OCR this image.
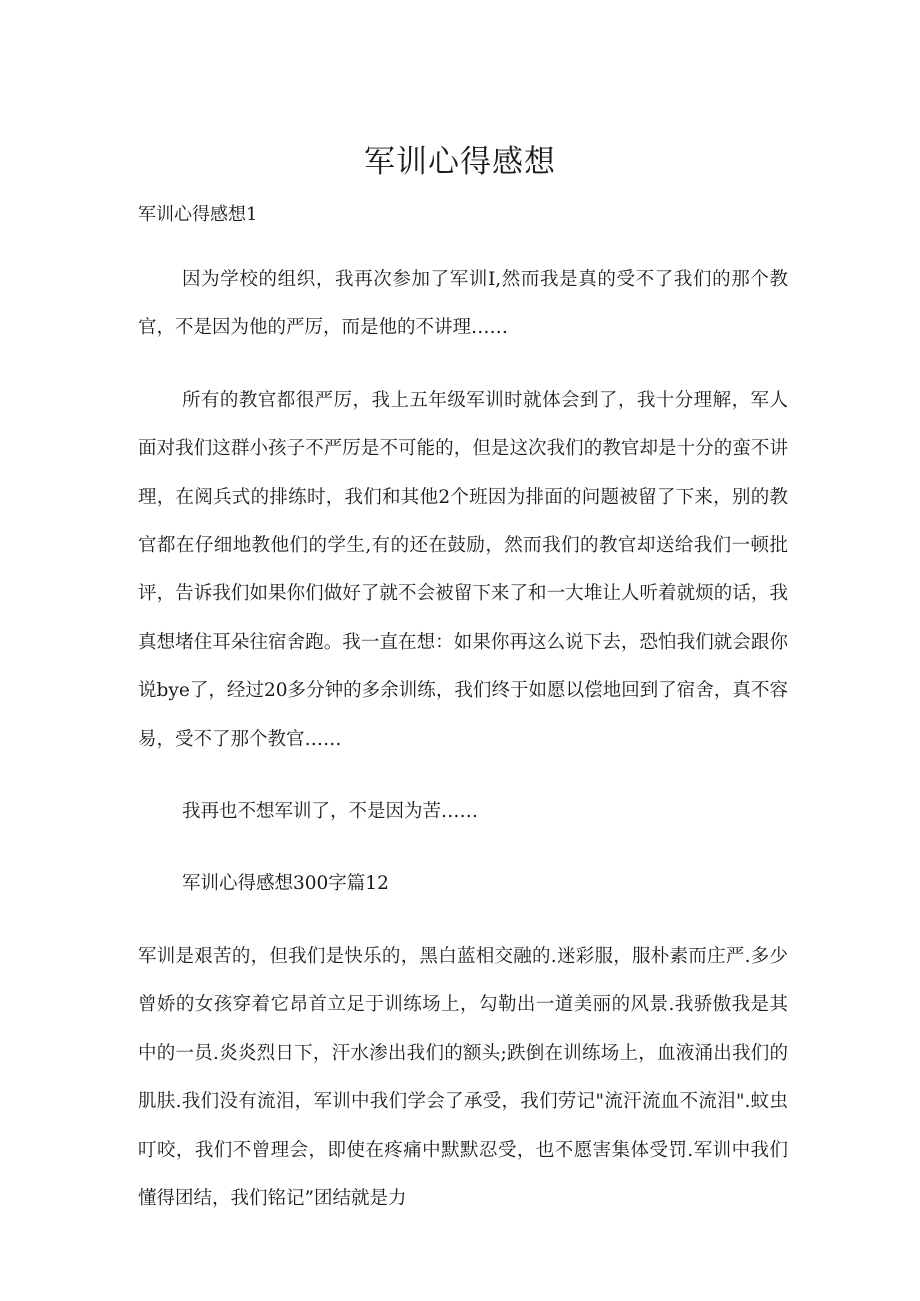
军训心得感想
军训心得感想1

因为学校的组织，我再次参加了军训I,然而我是真的受不了我们的那个教官，不是因为他的严厉，而是他的不讲理……

所有的教官都很严厉，我上五年级军训时就体会到了，我十分理解，军人面对我们这群小孩子不严厉是不可能的，但是这次我们的教官却是十分的蛮不讲理，在阅兵式的排练时，我们和其他2个班因为排面的问题被留了下来，别的教官都在仔细地教他们的学生,有的还在鼓励，然而我们的教官却送给我们一顿批评，告诉我们如果你们做好了就不会被留下来了和一大堆让人听着就烦的话，我真想堵住耳朵往宿舍跑。我一直在想：如果你再这么说下去，恐怕我们就会跟你说bye了，经过20多分钟的多余训练，我们终于如愿以偿地回到了宿舍，真不容易，受不了那个教官……

我再也不想军训了，不是因为苦……

军训心得感想300字篇12

军训是艰苦的，但我们是快乐的，黑白蓝相交融的.迷彩服，服朴素而庄严.多少曾娇的女孩穿着它昂首立足于训练场上，勾勒出一道美丽的风景.我骄傲我是其中的一员.炎炎烈日下，汗水渗出我们的额头;跌倒在训练场上，血液涌出我们的肌肤.我们没有流泪，军训中我们学会了承受，我们劳记"流汗流血不流泪".蚊虫叮咬，我们不曾理会，即使在疼痛中默默忍受，也不愿害集体受罚.军训中我们懂得团结，我们铭记”团结就是力
